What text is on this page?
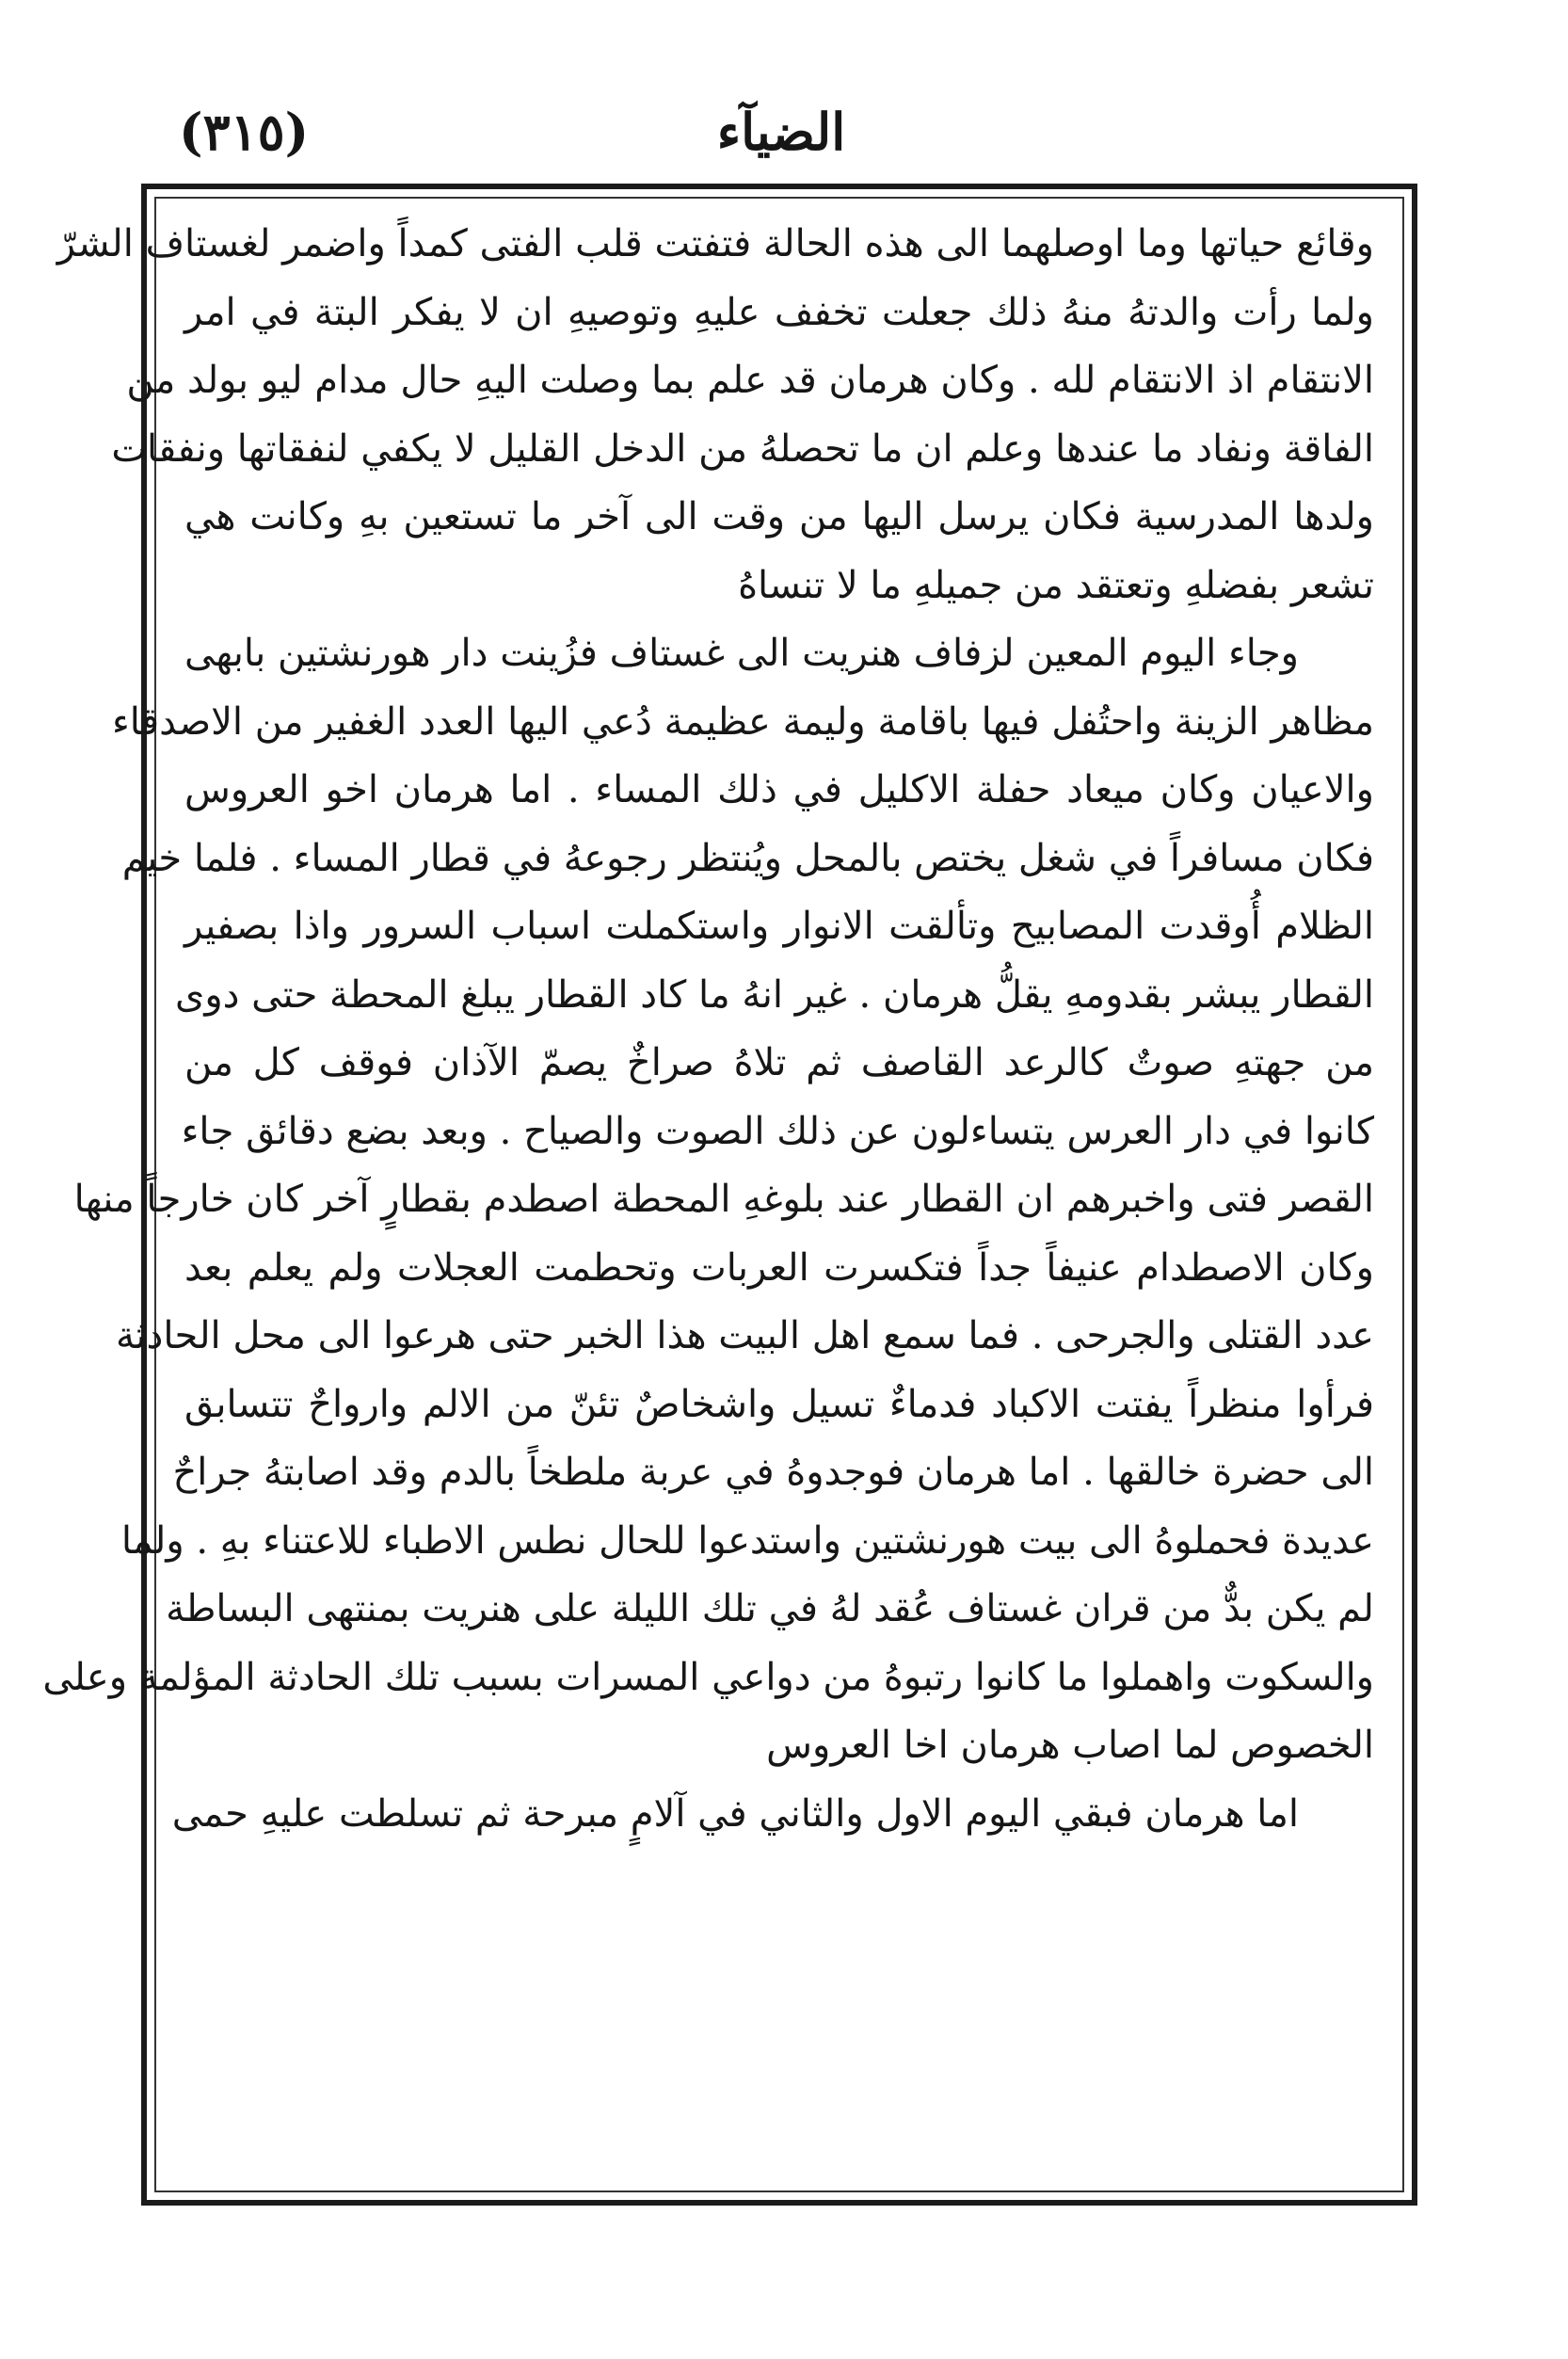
الضيآء
(٣١٥)
وقائع حياتها وما اوصلهما الى هذه الحالة فتفتت قلب الفتى كمداً واضمر لغستاف الشرّ
ولما رأت والدتهُ منهُ ذلك جعلت تخفف عليهِ وتوصيهِ ان لا يفكر البتة في امر
الانتقام اذ الانتقام لله . وكان هرمان قد علم بما وصلت اليهِ حال مدام ليو بولد من
الفاقة ونفاد ما عندها وعلم ان ما تحصلهُ من الدخل القليل لا يكفي لنفقاتها ونفقات
ولدها المدرسية فكان يرسل اليها من وقت الى آخر ما تستعين بهِ وكانت هي
تشعر بفضلهِ وتعتقد من جميلهِ ما لا تنساهُ
وجاء اليوم المعين لزفاف هنريت الى غستاف فزُينت دار هورنشتين بابهى
مظاهر الزينة واحتُفل فيها باقامة وليمة عظيمة دُعي اليها العدد الغفير من الاصدقاء
والاعيان وكان ميعاد حفلة الاكليل في ذلك المساء . اما هرمان اخو العروس
فكان مسافراً في شغل يختص بالمحل ويُنتظر رجوعهُ في قطار المساء . فلما خيم
الظلام أُوقدت المصابيح وتألقت الانوار واستكملت اسباب السرور واذا بصفير
القطار يبشر بقدومهِ يقلُّ هرمان . غير انهُ ما كاد القطار يبلغ المحطة حتى دوى
من جهتهِ صوتٌ كالرعد القاصف ثم تلاهُ صراخٌ يصمّ الآذان فوقف كل من
كانوا في دار العرس يتساءلون عن ذلك الصوت والصياح . وبعد بضع دقائق جاء
القصر فتى واخبرهم ان القطار عند بلوغهِ المحطة اصطدم بقطارٍ آخر كان خارجاً منها
وكان الاصطدام عنيفاً جداً فتكسرت العربات وتحطمت العجلات ولم يعلم بعد
عدد القتلى والجرحى . فما سمع اهل البيت هذا الخبر حتى هرعوا الى محل الحادثة
فرأوا منظراً يفتت الاكباد فدماءٌ تسيل واشخاصٌ تئنّ من الالم وارواحٌ تتسابق
الى حضرة خالقها . اما هرمان فوجدوهُ في عربة ملطخاً بالدم وقد اصابتهُ جراحٌ
عديدة فحملوهُ الى بيت هورنشتين واستدعوا للحال نطس الاطباء للاعتناء بهِ . ولما
لم يكن بدٌّ من قران غستاف عُقد لهُ في تلك الليلة على هنريت بمنتهى البساطة
والسكوت واهملوا ما كانوا رتبوهُ من دواعي المسرات بسبب تلك الحادثة المؤلمة وعلى
الخصوص لما اصاب هرمان اخا العروس
اما هرمان فبقي اليوم الاول والثاني في آلامٍ مبرحة ثم تسلطت عليهِ حمى
